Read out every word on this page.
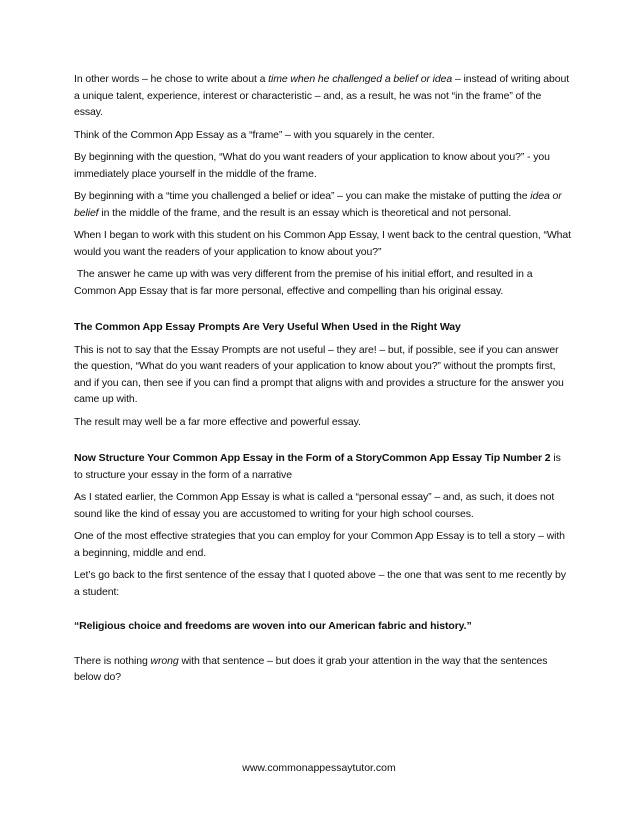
In other words – he chose to write about a time when he challenged a belief or idea – instead of writing about a unique talent, experience, interest or characteristic – and, as a result, he was not “in the frame” of the essay.

Think of the Common App Essay as a “frame” – with you squarely in the center.

By beginning with the question, “What do you want readers of your application to know about you?” - you immediately place yourself in the middle of the frame.

By beginning with a “time you challenged a belief or idea” – you can make the mistake of putting the idea or belief in the middle of the frame, and the result is an essay which is theoretical and not personal.

When I began to work with this student on his Common App Essay, I went back to the central question, “What would you want the readers of your application to know about you?”

The answer he came up with was very different from the premise of his initial effort, and resulted in a Common App Essay that is far more personal, effective and compelling than his original essay.

The Common App Essay Prompts Are Very Useful When Used in the Right Way

This is not to say that the Essay Prompts are not useful – they are! – but, if possible, see if you can answer the question, “What do you want readers of your application to know about you?” without the prompts first, and if you can, then see if you can find a prompt that aligns with and provides a structure for the answer you came up with.

The result may well be a far more effective and powerful essay.

Now Structure Your Common App Essay in the Form of a StoryCommon App Essay Tip Number 2 is to structure your essay in the form of a narrative

As I stated earlier, the Common App Essay is what is called a “personal essay” – and, as such, it does not sound like the kind of essay you are accustomed to writing for your high school courses.

One of the most effective strategies that you can employ for your Common App Essay is to tell a story – with a beginning, middle and end.

Let’s go back to the first sentence of the essay that I quoted above – the one that was sent to me recently by a student:

“Religious choice and freedoms are woven into our American fabric and history.”

There is nothing wrong with that sentence – but does it grab your attention in the way that the sentences below do?

www.commonappessaytutor.com
